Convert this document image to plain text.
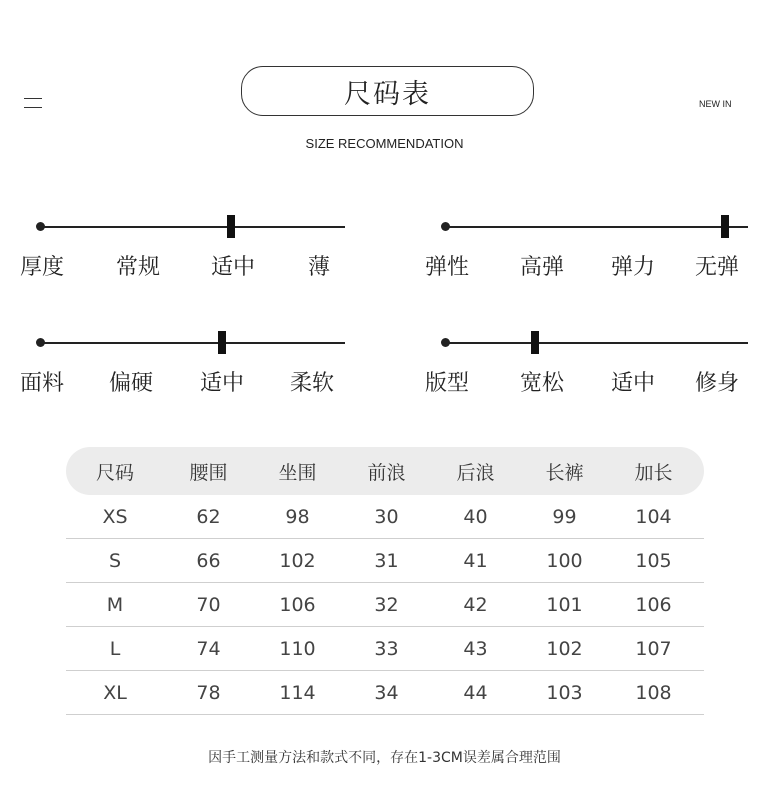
尺码表	NEW IN
SIZE RECOMMENDATION
厚度 常规 适中 薄	弹性 高弹 弹力 无弹
面料 偏硬 适中 柔软	版型 宽松 适中 修身
尺码	腰围	坐围	前浪	后浪	长裤	加长
XS	62	98	30	40	99	104
S	66	102	31	41	100	105
M	70	106	32	42	101	106
L	74	110	33	43	102	107
XL	78	114	34	44	103	108
因手工测量方法和款式不同，存在1-3CM误差属合理范围
